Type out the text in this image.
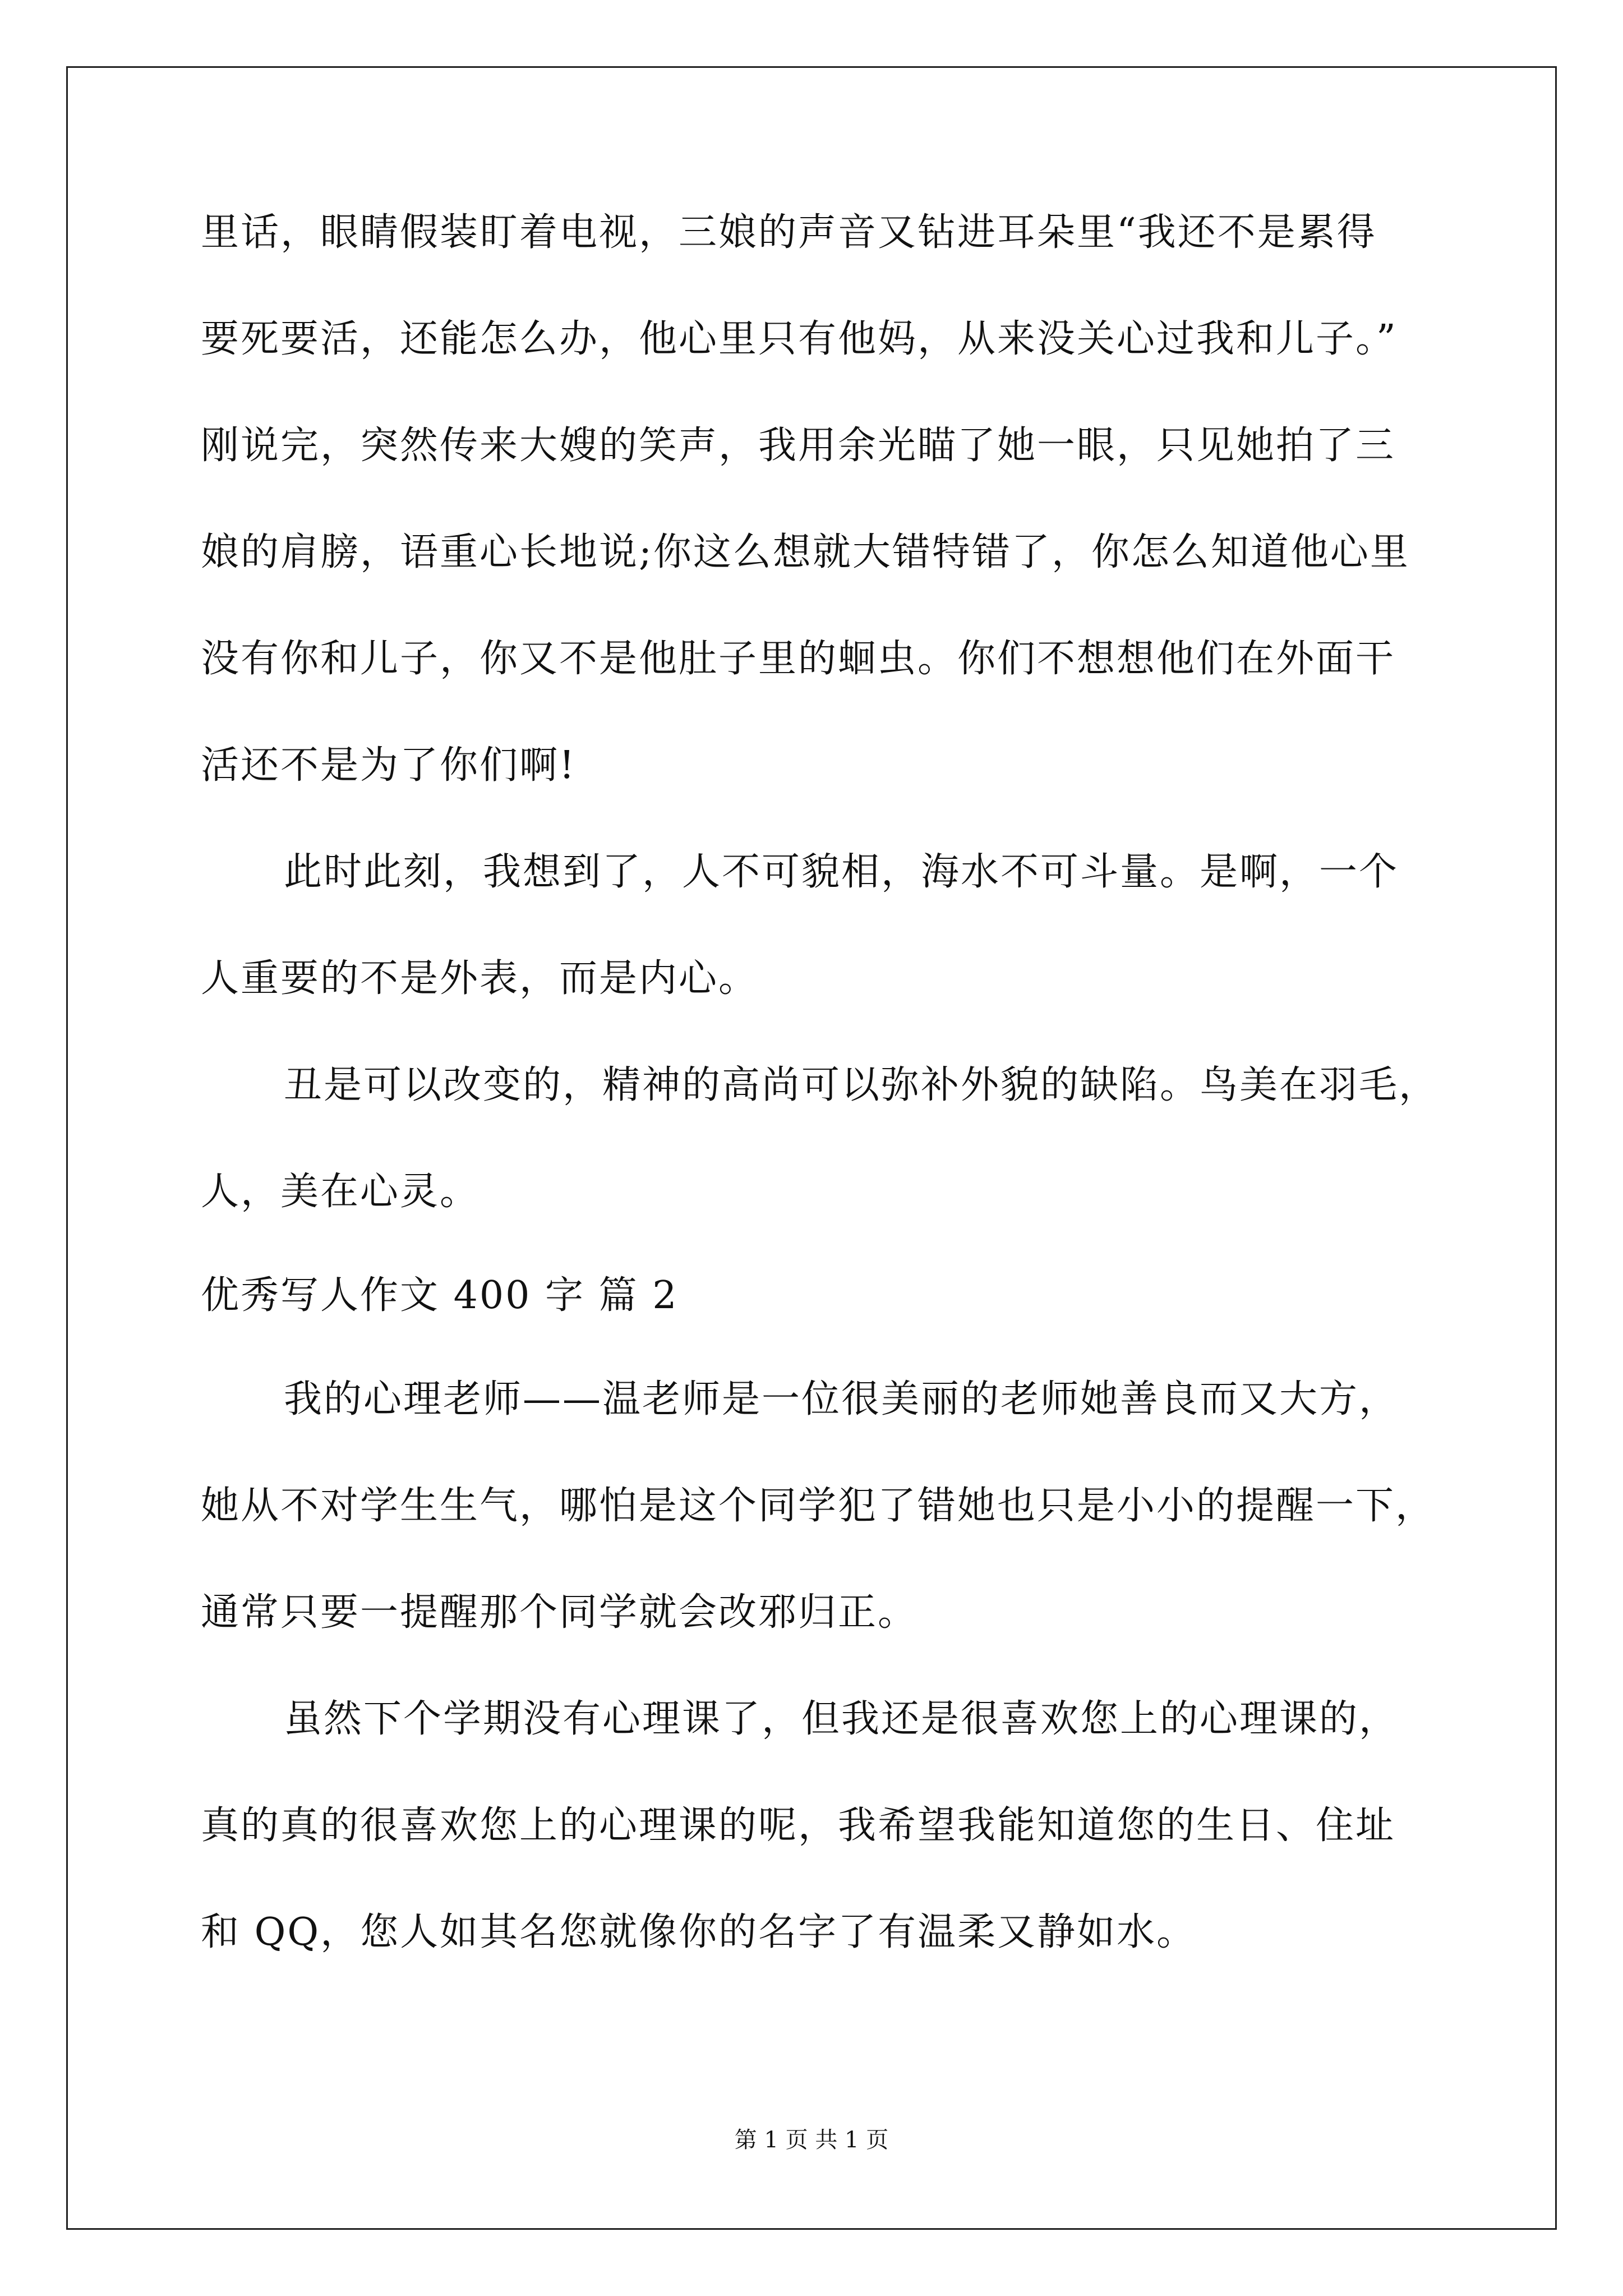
里话，眼睛假装盯着电视，三娘的声音又钻进耳朵里“我还不是累得
要死要活，还能怎么办，他心里只有他妈，从来没关心过我和儿子。”
刚说完，突然传来大嫂的笑声，我用余光瞄了她一眼，只见她拍了三
娘的肩膀，语重心长地说;你这么想就大错特错了，你怎么知道他心里
没有你和儿子，你又不是他肚子里的蛔虫。你们不想想他们在外面干
活还不是为了你们啊!
此时此刻，我想到了，人不可貌相，海水不可斗量。是啊，一个
人重要的不是外表，而是内心。
丑是可以改变的，精神的高尚可以弥补外貌的缺陷。鸟美在羽毛，
人，美在心灵。
优秀写人作文 400 字 篇 2
我的心理老师——温老师是一位很美丽的老师她善良而又大方，
她从不对学生生气，哪怕是这个同学犯了错她也只是小小的提醒一下，
通常只要一提醒那个同学就会改邪归正。
虽然下个学期没有心理课了，但我还是很喜欢您上的心理课的，
真的真的很喜欢您上的心理课的呢，我希望我能知道您的生日、住址
和 QQ，您人如其名您就像你的名字了有温柔又静如水。
第 1 页 共 1 页
